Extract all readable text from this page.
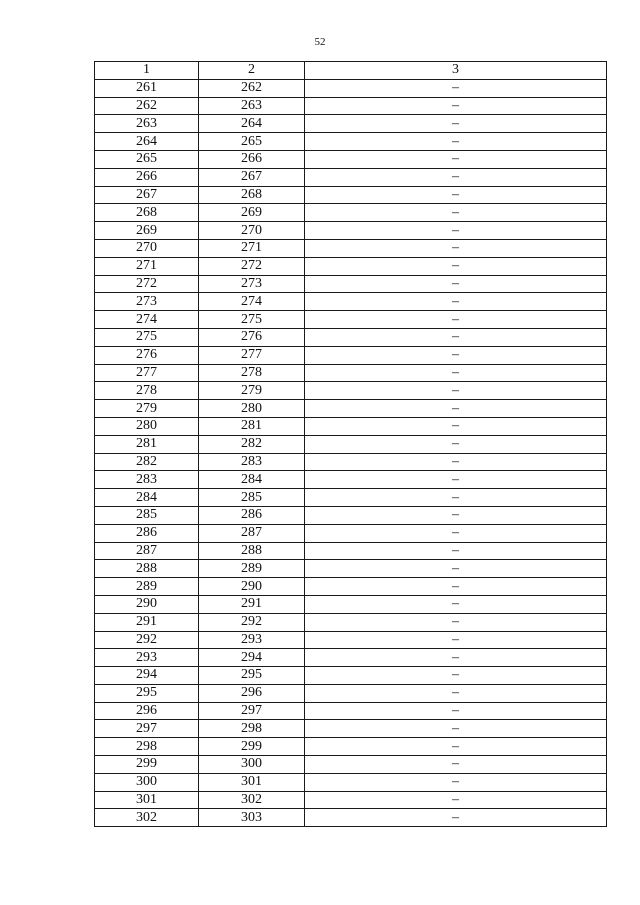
52
1	2	3
261	262	–
262	263	–
263	264	–
264	265	–
265	266	–
266	267	–
267	268	–
268	269	–
269	270	–
270	271	–
271	272	–
272	273	–
273	274	–
274	275	–
275	276	–
276	277	–
277	278	–
278	279	–
279	280	–
280	281	–
281	282	–
282	283	–
283	284	–
284	285	–
285	286	–
286	287	–
287	288	–
288	289	–
289	290	–
290	291	–
291	292	–
292	293	–
293	294	–
294	295	–
295	296	–
296	297	–
297	298	–
298	299	–
299	300	–
300	301	–
301	302	–
302	303	–
